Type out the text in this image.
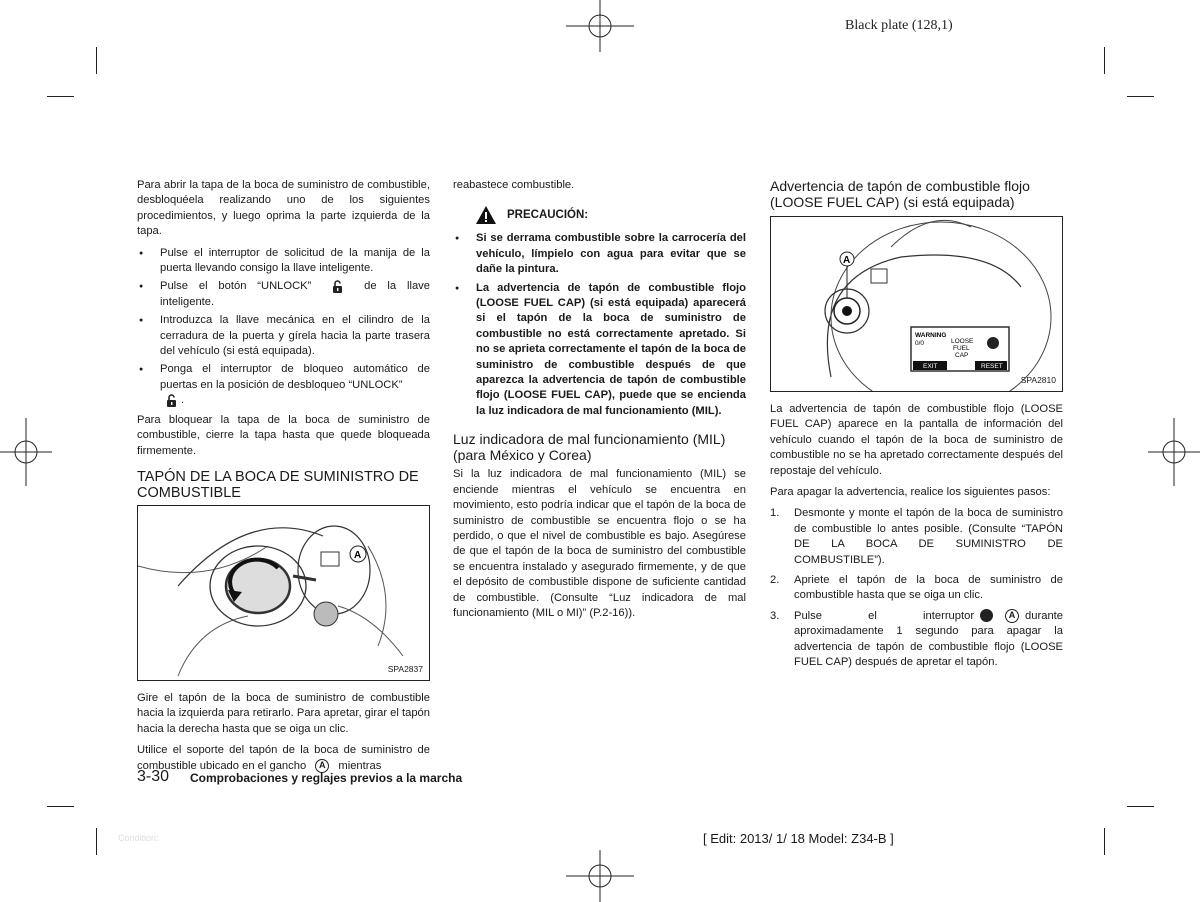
Black plate (128,1)

Para abrir la tapa de la boca de suministro de combustible, desbloquéela realizando uno de los siguientes procedimientos, y luego oprima la parte izquierda de la tapa.

● Pulse el interruptor de solicitud de la manija de la puerta llevando consigo la llave inteligente.
● Pulse el botón “UNLOCK”	de la llave inteligente.
● Introduzca la llave mecánica en el cilindro de la cerradura de la puerta y gírela hacia la parte trasera del vehículo (si está equipada).
● Ponga el interruptor de bloqueo automático de puertas en la posición de desbloqueo “UNLOCK”
.

Para bloquear la tapa de la boca de suministro de combustible, cierre la tapa hasta que quede bloqueada firmemente.

TAPÓN DE LA BOCA DE SUMINISTRO DE COMBUSTIBLE
A
SPA2837

Gire el tapón de la boca de suministro de combustible hacia la izquierda para retirarlo. Para apretar, girar el tapón hacia la derecha hasta que se oiga un clic.

Utilice el soporte del tapón de la boca de suministro de combustible ubicado en el gancho A mientras

reabastece combustible.

PRECAUCIÓN:
● Si se derrama combustible sobre la carrocería del vehículo, límpielo con agua para evitar que se dañe la pintura.
● La advertencia de tapón de combustible flojo (LOOSE FUEL CAP) (si está equipada) aparecerá si el tapón de la boca de suministro de combustible no está correctamente apretado. Si no se aprieta correctamente el tapón de la boca de suministro de combustible después de que aparezca la advertencia de tapón de combustible flojo (LOOSE FUEL CAP), puede que se encienda la luz indicadora de mal funcionamiento (MIL).
Luz indicadora de mal funcionamiento (MIL) (para México y Corea)

Si la luz indicadora de mal funcionamiento (MIL) se enciende mientras el vehículo se encuentra en movimiento, esto podría indicar que el tapón de la boca de suministro de combustible se encuentra flojo o se ha perdido, o que el nivel de combustible es bajo. Asegúrese de que el tapón de la boca de suministro del combustible se encuentra instalado y asegurado firmemente, y de que el depósito de combustible dispone de suficiente cantidad de combustible. (Consulte “Luz indicadora de mal funcionamiento (MIL o MI)” (P.2-16)).

Advertencia de tapón de combustible flojo (LOOSE FUEL CAP) (si está equipada)
A
WARNING
0/0	LOOSE
FUEL
CAP
EXIT	RESET
SPA2810

La advertencia de tapón de combustible flojo (LOOSE FUEL CAP) aparece en la pantalla de información del vehículo cuando el tapón de la boca de suministro de combustible no se ha apretado correctamente después del repostaje del vehículo.

Para apagar la advertencia, realice los siguientes pasos:

1. Desmonte y monte el tapón de la boca de suministro de combustible lo antes posible. (Consulte “TAPÓN DE LA BOCA DE SUMINISTRO DE COMBUSTIBLE”).
2. Apriete el tapón de la boca de suministro de combustible hasta que se oiga un clic.
3. Pulse el interruptor	A durante aproximadamente 1 segundo para apagar la advertencia de tapón de combustible flojo (LOOSE FUEL CAP) después de apretar el tapón.
3-30 Comprobaciones y reglajes previos a la marcha
Condition:	[ Edit: 2013/ 1/ 18 Model: Z34-B ]
